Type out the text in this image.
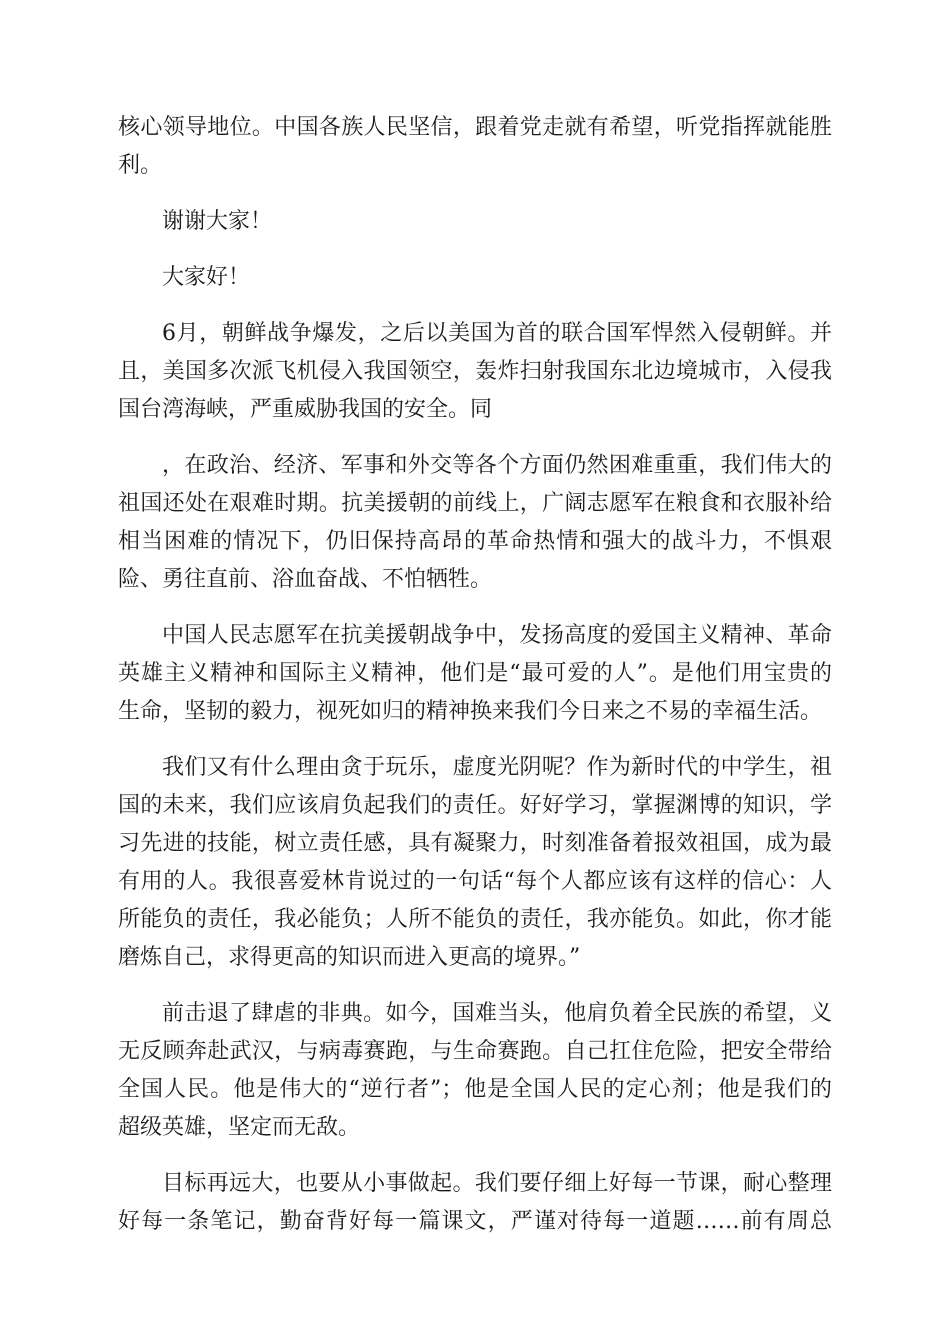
核心领导地位。中国各族人民坚信，跟着党走就有希望，听党指挥就能胜
利。
谢谢大家！
大家好！
6月，朝鲜战争爆发，之后以美国为首的联合国军悍然入侵朝鲜。并
且，美国多次派飞机侵入我国领空，轰炸扫射我国东北边境城市，入侵我
国台湾海峡，严重威胁我国的安全。同
，在政治、经济、军事和外交等各个方面仍然困难重重，我们伟大的
祖国还处在艰难时期。抗美援朝的前线上，广阔志愿军在粮食和衣服补给
相当困难的情况下，仍旧保持高昂的革命热情和强大的战斗力，不惧艰
险、勇往直前、浴血奋战、不怕牺牲。
中国人民志愿军在抗美援朝战争中，发扬高度的爱国主义精神、革命
英雄主义精神和国际主义精神，他们是“最可爱的人”。是他们用宝贵的
生命，坚韧的毅力，视死如归的精神换来我们今日来之不易的幸福生活。
我们又有什么理由贪于玩乐，虚度光阴呢？作为新时代的中学生，祖
国的未来，我们应该肩负起我们的责任。好好学习，掌握渊博的知识，学
习先进的技能，树立责任感，具有凝聚力，时刻准备着报效祖国，成为最
有用的人。我很喜爱林肯说过的一句话“每个人都应该有这样的信心：人
所能负的责任，我必能负；人所不能负的责任，我亦能负。如此，你才能
磨炼自己，求得更高的知识而进入更高的境界。”
前击退了肆虐的非典。如今，国难当头，他肩负着全民族的希望，义
无反顾奔赴武汉，与病毒赛跑，与生命赛跑。自己扛住危险，把安全带给
全国人民。他是伟大的“逆行者”；他是全国人民的定心剂；他是我们的
超级英雄，坚定而无敌。
目标再远大，也要从小事做起。我们要仔细上好每一节课，耐心整理
好每一条笔记，勤奋背好每一篇课文，严谨对待每一道题……前有周总
